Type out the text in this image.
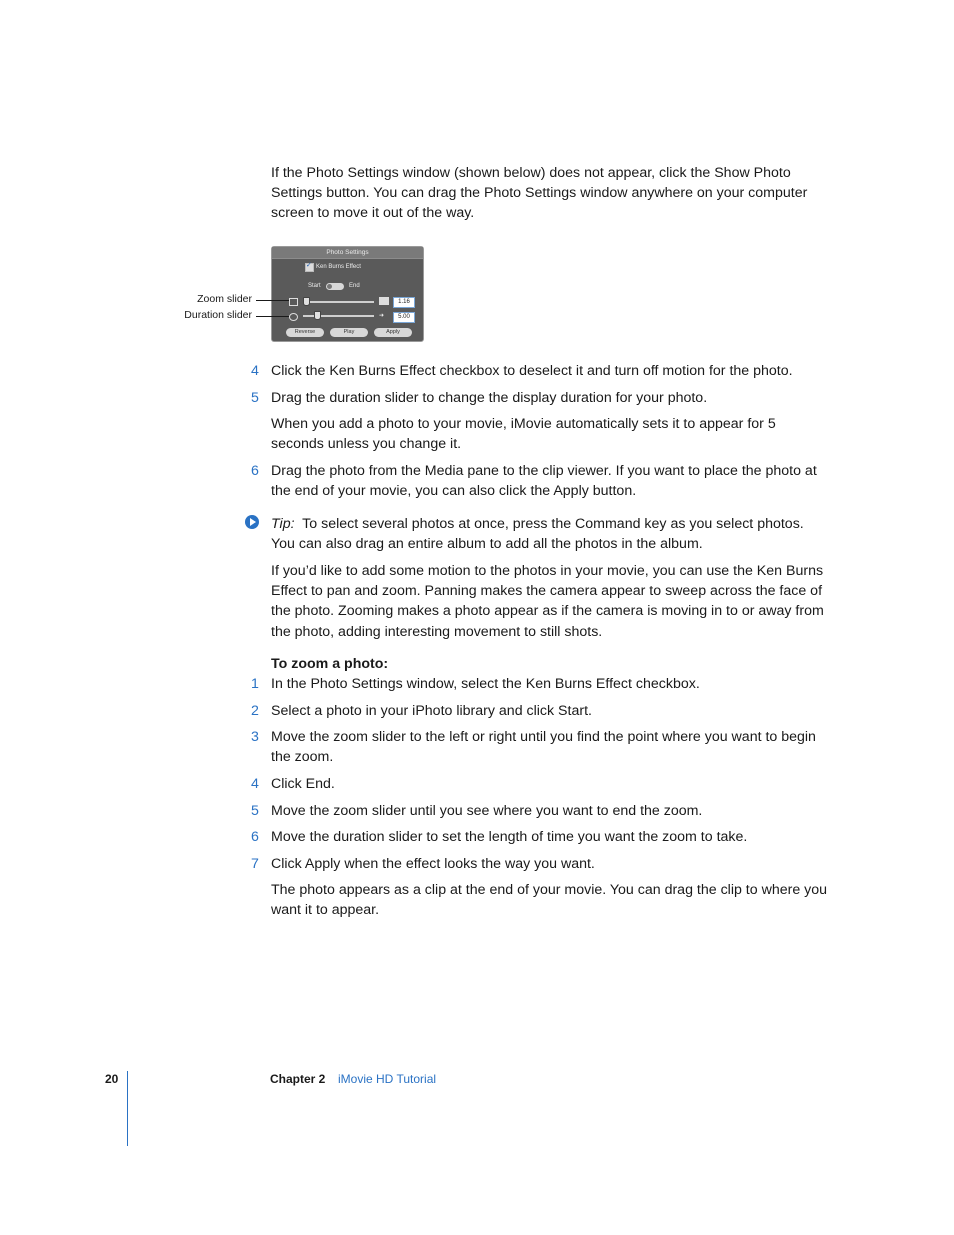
If the Photo Settings window (shown below) does not appear, click the Show Photo Settings button. You can drag the Photo Settings window anywhere on your computer screen to move it out of the way.

Photo Settings
✓
Ken Burns Effect
Start	End
1.16
➜	5.00
Reverse	Play	Apply
Zoom slider
Duration slider
4 Click the Ken Burns Effect checkbox to deselect it and turn off motion for the photo.

5 Drag the duration slider to change the display duration for your photo.

When you add a photo to your movie, iMovie automatically sets it to appear for 5 seconds unless you change it.

6 Drag the photo from the Media pane to the clip viewer. If you want to place the photo at the end of your movie, you can also click the Apply button.

Tip: To select several photos at once, press the Command key as you select photos. You can also drag an entire album to add all the photos in the album.

If you’d like to add some motion to the photos in your movie, you can use the Ken Burns Effect to pan and zoom. Panning makes the camera appear to sweep across the face of the photo. Zooming makes a photo appear as if the camera is moving in to or away from the photo, adding interesting movement to still shots.

To zoom a photo:

1 In the Photo Settings window, select the Ken Burns Effect checkbox.

2 Select a photo in your iPhoto library and click Start.

3 Move the zoom slider to the left or right until you find the point where you want to begin the zoom.

4 Click End.

5 Move the zoom slider until you see where you want to end the zoom.

6 Move the duration slider to set the length of time you want the zoom to take.

7 Click Apply when the effect looks the way you want.

The photo appears as a clip at the end of your movie. You can drag the clip to where you want it to appear.

20	Chapter 2 iMovie HD Tutorial
